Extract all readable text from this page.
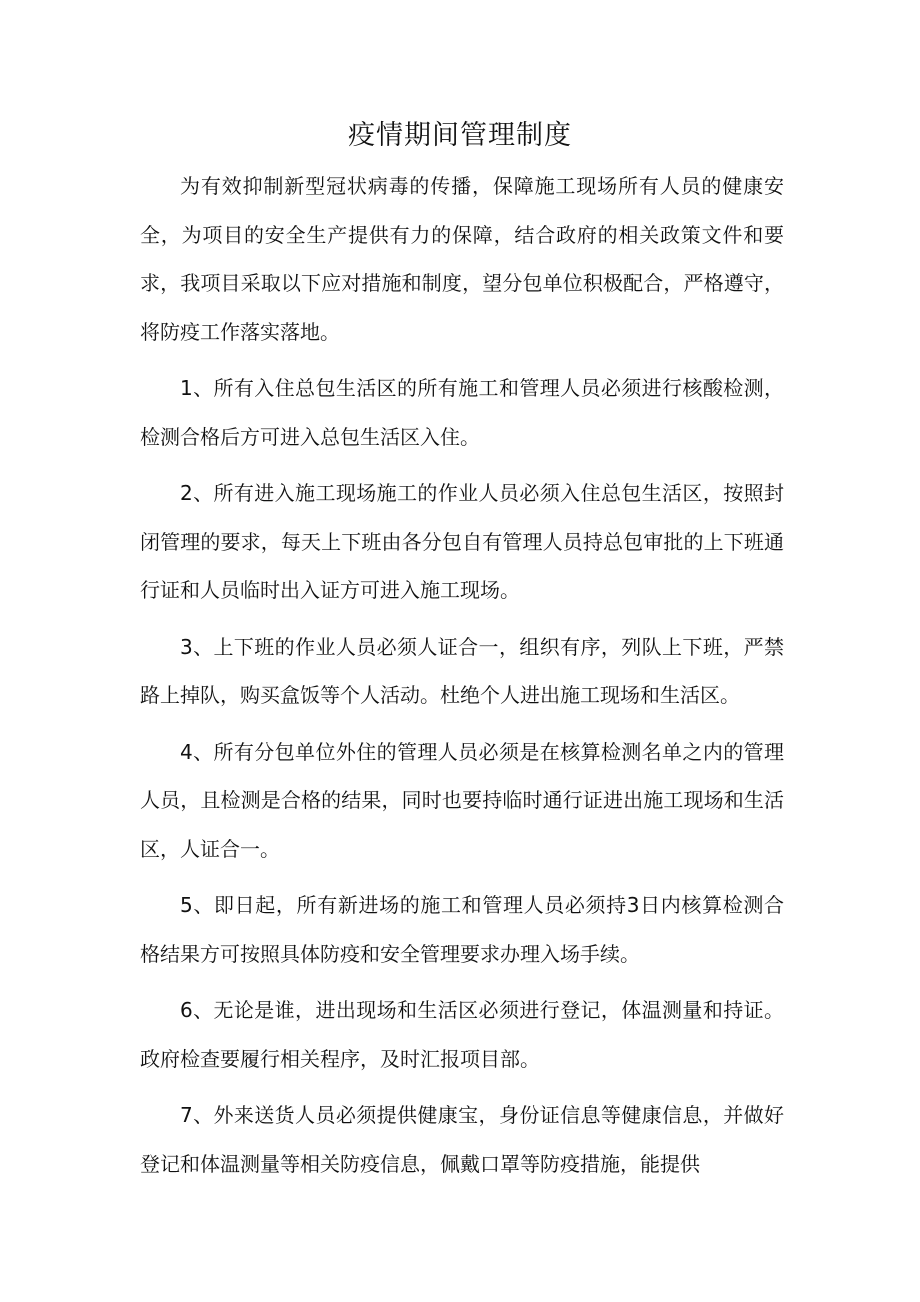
疫情期间管理制度

为有效抑制新型冠状病毒的传播，保障施工现场所有人员的健康安全，为项目的安全生产提供有力的保障，结合政府的相关政策文件和要求，我项目采取以下应对措施和制度，望分包单位积极配合，严格遵守，将防疫工作落实落地。

1、所有入住总包生活区的所有施工和管理人员必须进行核酸检测，检测合格后方可进入总包生活区入住。

2、所有进入施工现场施工的作业人员必须入住总包生活区，按照封闭管理的要求，每天上下班由各分包自有管理人员持总包审批的上下班通行证和人员临时出入证方可进入施工现场。

3、上下班的作业人员必须人证合一，组织有序，列队上下班，严禁路上掉队，购买盒饭等个人活动。杜绝个人进出施工现场和生活区。

4、所有分包单位外住的管理人员必须是在核算检测名单之内的管理人员，且检测是合格的结果，同时也要持临时通行证进出施工现场和生活区，人证合一。

5、即日起，所有新进场的施工和管理人员必须持3日内核算检测合格结果方可按照具体防疫和安全管理要求办理入场手续。

6、无论是谁，进出现场和生活区必须进行登记，体温测量和持证。政府检查要履行相关程序，及时汇报项目部。

7、外来送货人员必须提供健康宝，身份证信息等健康信息，并做好登记和体温测量等相关防疫信息，佩戴口罩等防疫措施，能提供
